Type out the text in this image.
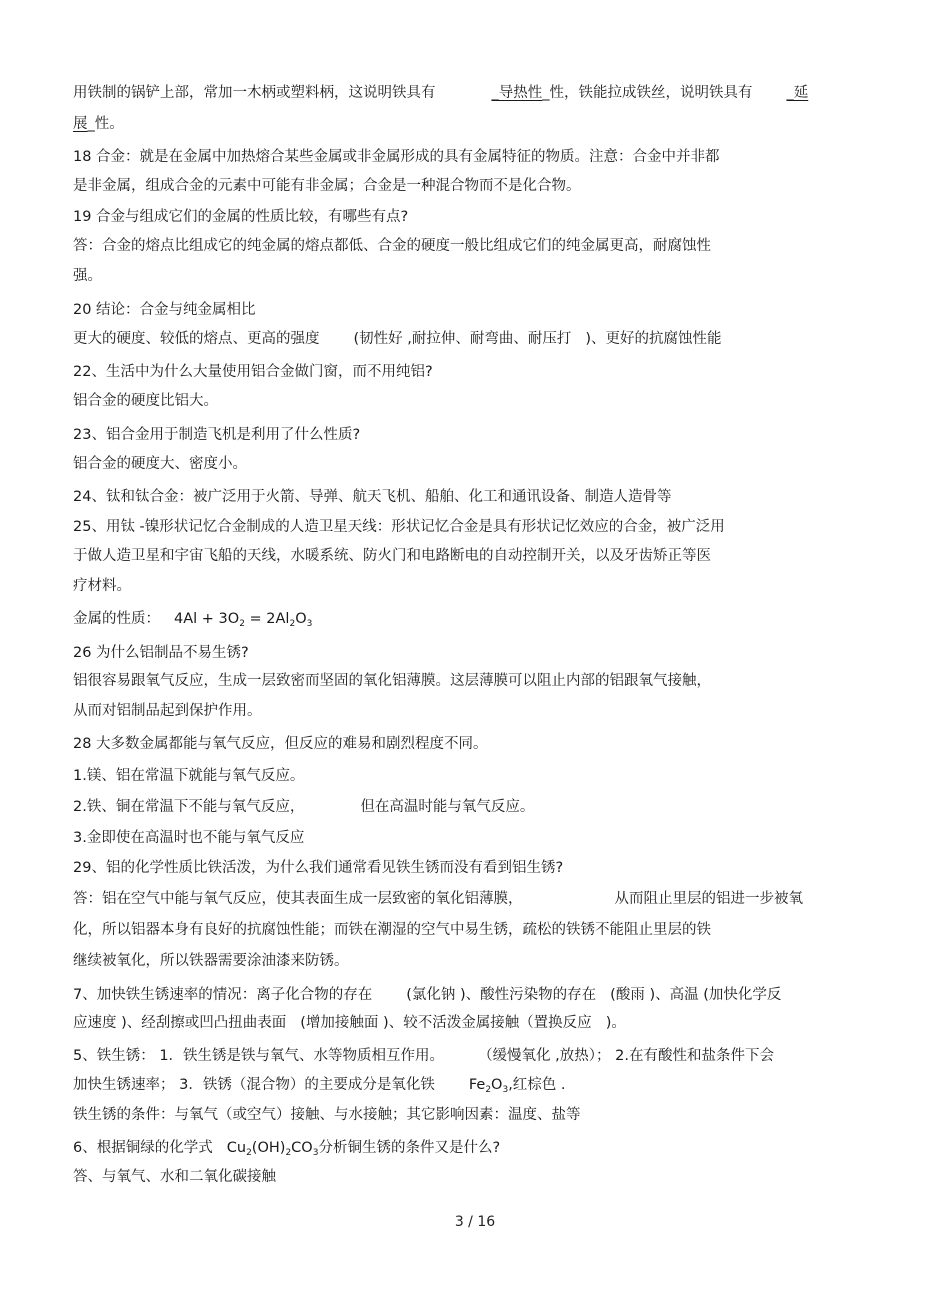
用铁制的锅铲上部，常加一木柄或塑料柄，这说明铁具有	_导热性_性，铁能拉成铁丝，说明铁具有 _延
展_性。
18 合金：就是在金属中加热熔合某些金属或非金属形成的具有金属特征的物质。注意：合金中并非都
是非金属，组成合金的元素中可能有非金属；合金是一种混合物而不是化合物。
19 合金与组成它们的金属的性质比较，有哪些有点?
答：合金的熔点比组成它的纯金属的熔点都低、合金的硬度一般比组成它们的纯金属更高，耐腐蚀性
强。
20 结论：合金与纯金属相比
更大的硬度、较低的熔点、更高的强度 (韧性好 ,耐拉伸、耐弯曲、耐压打 )、更好的抗腐蚀性能
22、生活中为什么大量使用铝合金做门窗，而不用纯铝?
铝合金的硬度比铝大。
23、铝合金用于制造飞机是利用了什么性质?
铝合金的硬度大、密度小。
24、钛和钛合金：被广泛用于火箭、导弹、航天飞机、船舶、化工和通讯设备、制造人造骨等
25、用钛 -镍形状记忆合金制成的人造卫星天线：形状记忆合金是具有形状记忆效应的合金，被广泛用
于做人造卫星和宇宙飞船的天线，水暖系统、防火门和电路断电的自动控制开关，以及牙齿矫正等医
疗材料。
金属的性质： $4Al + 3O_2 = 2Al_2O_3$
26 为什么铝制品不易生锈?
铝很容易跟氧气反应，生成一层致密而坚固的氧化铝薄膜。这层薄膜可以阻止内部的铝跟氧气接触，
从而对铝制品起到保护作用。
28 大多数金属都能与氧气反应，但反应的难易和剧烈程度不同。
1.镁、铝在常温下就能与氧气反应。
2.铁、铜在常温下不能与氧气反应，	但在高温时能与氧气反应。
3.金即使在高温时也不能与氧气反应
29、铝的化学性质比铁活泼，为什么我们通常看见铁生锈而没有看到铝生锈?
答：铝在空气中能与氧气反应，使其表面生成一层致密的氧化铝薄膜，	从而阻止里层的铝进一步被氧
化，所以铝器本身有良好的抗腐蚀性能；而铁在潮湿的空气中易生锈，疏松的铁锈不能阻止里层的铁
继续被氧化，所以铁器需要涂油漆来防锈。
7、加快铁生锈速率的情况：离子化合物的存在 (氯化钠 )、酸性污染物的存在 (酸雨 )、高温 (加快化学反
应速度 )、经刮擦或凹凸扭曲表面 (增加接触面 )、较不活泼金属接触（置换反应 )。
5、铁生锈： 1．铁生锈是铁与氧气、水等物质相互作用。 （缓慢氧化 ,放热）； 2.在有酸性和盐条件下会
加快生锈速率； 3．铁锈（混合物）的主要成分是氧化铁 $Fe_2O_3$,红棕色 .
铁生锈的条件：与氧气（或空气）接触、与水接触；其它影响因素：温度、盐等
6、根据铜绿的化学式 $Cu_2(OH)_2CO_3$分析铜生锈的条件又是什么?
答、与氧气、水和二氧化碳接触
3 / 16
